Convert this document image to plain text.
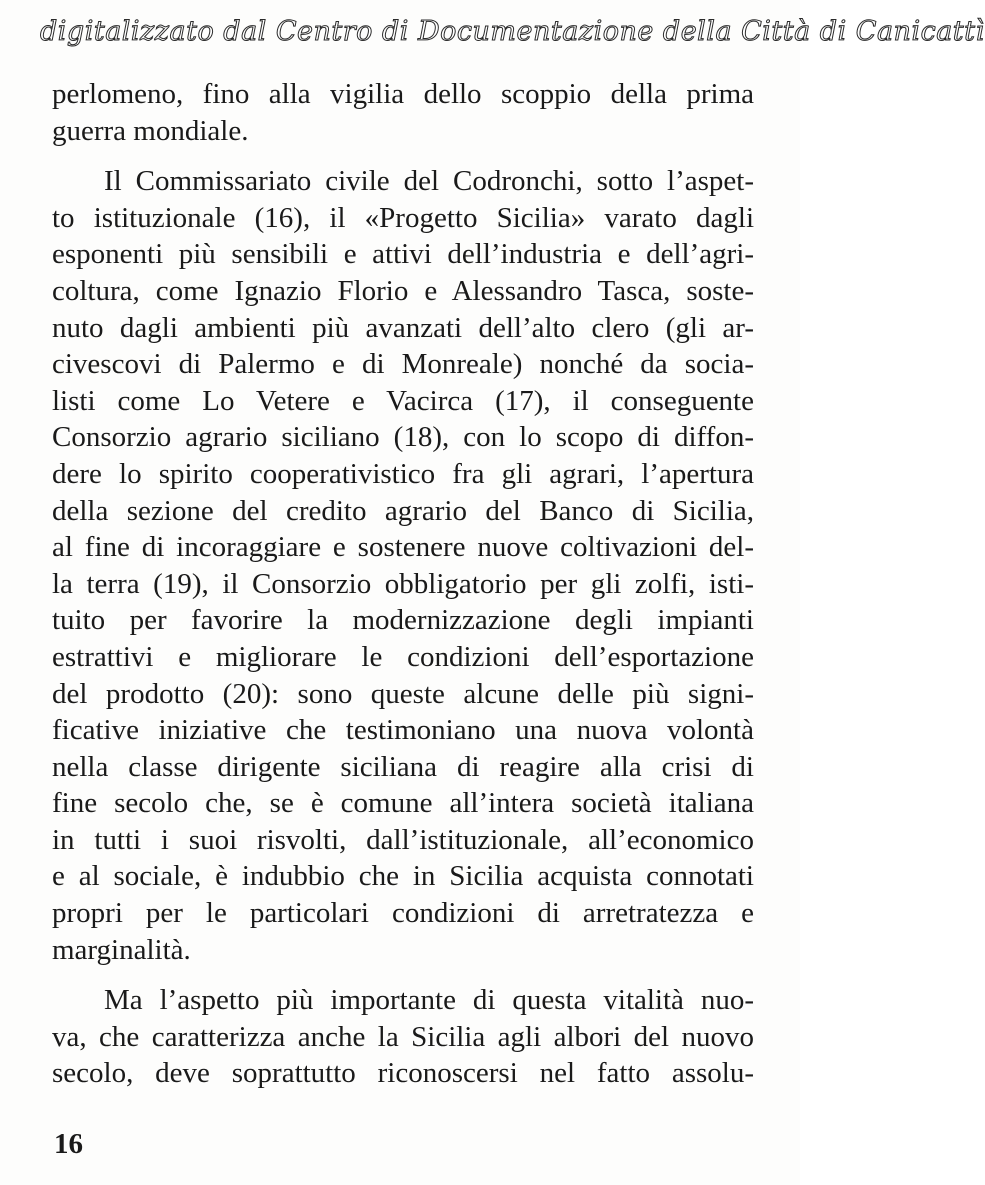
digitalizzato dal Centro di Documentazione della Città di Canicattì

perlomeno, fino alla vigilia dello scoppio della prima
guerra mondiale.

Il Commissariato civile del Codronchi, sotto l’aspet-
to istituzionale (16), il «Progetto Sicilia» varato dagli
esponenti più sensibili e attivi dell’industria e dell’agri-
coltura, come Ignazio Florio e Alessandro Tasca, soste-
nuto dagli ambienti più avanzati dell’alto clero (gli ar-
civescovi di Palermo e di Monreale) nonché da socia-
listi come Lo Vetere e Vacirca (17), il conseguente
Consorzio agrario siciliano (18), con lo scopo di diffon-
dere lo spirito cooperativistico fra gli agrari, l’apertura
della sezione del credito agrario del Banco di Sicilia,
al fine di incoraggiare e sostenere nuove coltivazioni del-
la terra (19), il Consorzio obbligatorio per gli zolfi, isti-
tuito per favorire la modernizzazione degli impianti
estrattivi e migliorare le condizioni dell’esportazione
del prodotto (20): sono queste alcune delle più signi-
ficative iniziative che testimoniano una nuova volontà
nella classe dirigente siciliana di reagire alla crisi di
fine secolo che, se è comune all’intera società italiana
in tutti i suoi risvolti, dall’istituzionale, all’economico
e al sociale, è indubbio che in Sicilia acquista connotati
propri per le particolari condizioni di arretratezza e
marginalità.

Ma l’aspetto più importante di questa vitalità nuo-
va, che caratterizza anche la Sicilia agli albori del nuovo
secolo, deve soprattutto riconoscersi nel fatto assolu-

16
